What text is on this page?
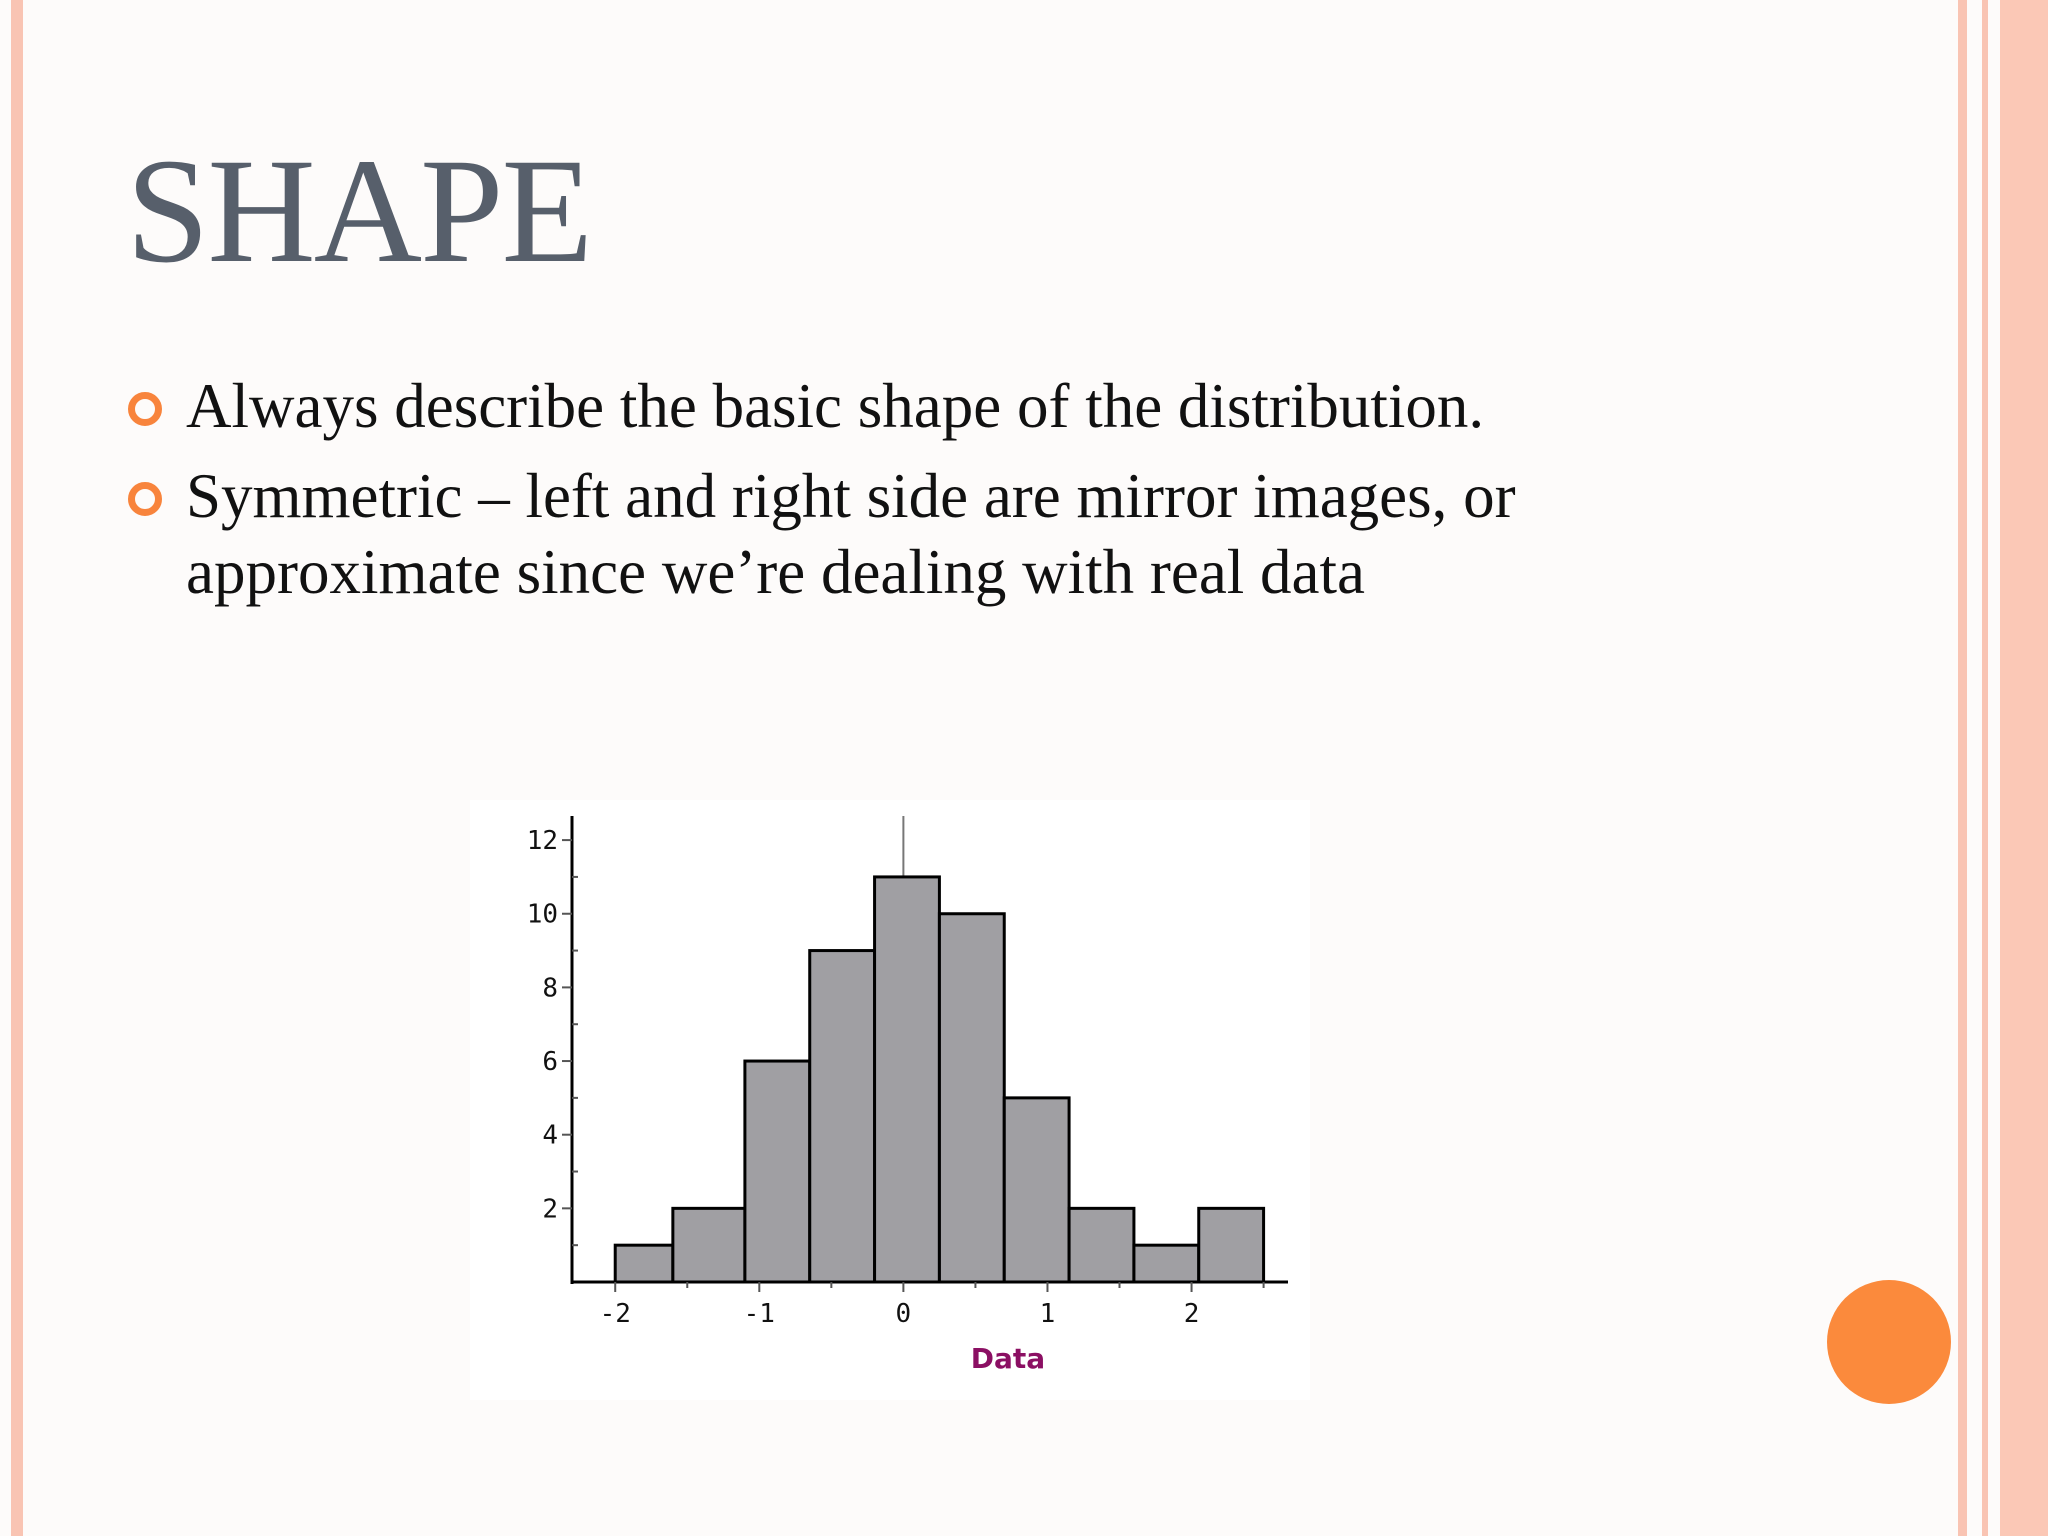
SHAPE
Always describe the basic shape of the distribution.
Symmetric – left and right side are mirror images, or approximate since we’re dealing with real data
2
4
6
8
10
12
-2	-1	0	1	2
Data
